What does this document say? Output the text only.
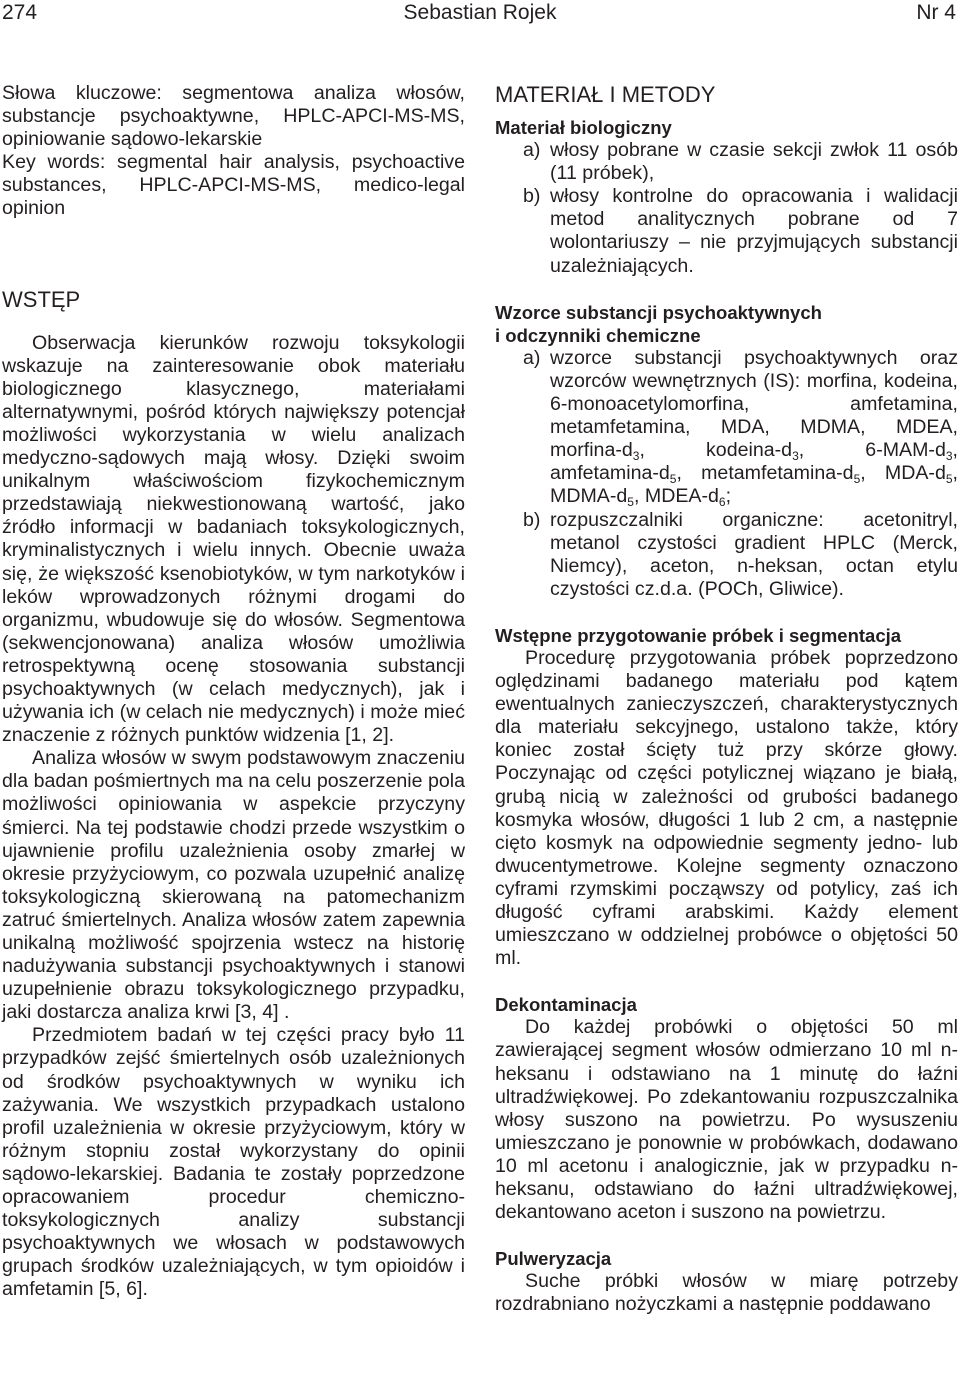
274	Sebastian Rojek	Nr 4

Słowa kluczowe: segmentowa analiza włosów, substancje psychoaktywne, HPLC-APCI-MS-MS, opiniowanie sądowo-lekarskie

Key words: segmental hair analysis, psychoactive substances, HPLC-APCI-MS-MS, medico-legal opinion

WSTĘP

Obserwacja kierunków rozwoju toksykologii wskazuje na zainteresowanie obok materiału biologicznego klasycznego, materiałami alternatywnymi, pośród których największy potencjał możliwości wykorzystania w wielu analizach medyczno-sądowych mają włosy. Dzięki swoim unikalnym właściwościom fizykochemicznym przedstawiają niekwestionowaną wartość, jako źródło informacji w badaniach toksykologicznych, kryminalistycznych i wielu innych. Obecnie uważa się, że większość ksenobiotyków, w tym narkotyków i leków wprowadzonych różnymi drogami do organizmu, wbudowuje się do włosów. Segmentowa (sekwencjonowana) analiza włosów umożliwia retrospektywną ocenę stosowania substancji psychoaktywnych (w celach medycznych), jak i używania ich (w celach nie medycznych) i może mieć znaczenie z różnych punktów widzenia [1, 2].

Analiza włosów w swym podstawowym znaczeniu dla badan pośmiertnych ma na celu poszerzenie pola możliwości opiniowania w aspekcie przyczyny śmierci. Na tej podstawie chodzi przede wszystkim o ujawnienie profilu uzależnienia osoby zmarłej w okresie przyżyciowym, co pozwala uzupełnić analizę toksykologiczną skierowaną na patomechanizm zatruć śmiertelnych. Analiza włosów zatem zapewnia unikalną możliwość spojrzenia wstecz na historię nadużywania substancji psychoaktywnych i stanowi uzupełnienie obrazu toksykologicznego przypadku, jaki dostarcza analiza krwi [3, 4] .

Przedmiotem badań w tej części pracy było 11 przypadków zejść śmiertelnych osób uzależnionych od środków psychoaktywnych w wyniku ich zażywania. We wszystkich przypadkach ustalono profil uzależnienia w okresie przyżyciowym, który w różnym stopniu został wykorzystany do opinii sądowo-lekarskiej. Badania te zostały poprzedzone opracowaniem procedur chemiczno-toksykologicznych analizy substancji psychoaktywnych we włosach w podstawowych grupach środków uzależniających, w tym opioidów i amfetamin [5, 6].

MATERIAŁ I METODY
Materiał biologiczny
a) włosy pobrane w czasie sekcji zwłok 11 osób (11 próbek),
b) włosy kontrolne do opracowania i walidacji metod analitycznych pobrane od 7 wolontariuszy – nie przyjmujących substancji uzależniających.
Wzorce substancji psychoaktywnych
i odczynniki chemiczne
a) wzorce substancji psychoaktywnych oraz wzorców wewnętrznych (IS): morfina, kodeina, 6-monoacetylomorfina, amfetamina, metamfetamina, MDA, MDMA, MDEA, morfina-$d_3$, kodeina-$d_3$, $6-MAM-d_3$, amfetamina-$d_5$, metamfetamina-$d_5$, MDA-$d_5$, MDMA-$d_5$, MDEA-$d_6$;
b) rozpuszczalniki organiczne: acetonitryl, metanol czystości gradient HPLC (Merck, Niemcy), aceton, n-heksan, octan etylu czystości cz.d.a. (POCh, Gliwice).
Wstępne przygotowanie próbek i segmentacja

Procedurę przygotowania próbek poprzedzono oględzinami badanego materiału pod kątem ewentualnych zanieczyszczeń, charakterystycznych dla materiału sekcyjnego, ustalono także, który koniec został ścięty tuż przy skórze głowy. Poczynając od części potylicznej wiązano je białą, grubą nicią w zależności od grubości badanego kosmyka włosów, długości 1 lub 2 cm, a następnie cięto kosmyk na odpowiednie segmenty jedno- lub dwucentymetrowe. Kolejne segmenty oznaczono cyframi rzymskimi począwszy od potylicy, zaś ich długość cyframi arabskimi. Każdy element umieszczano w oddzielnej probówce o objętości 50 ml.

Dekontaminacja

Do każdej probówki o objętości 50 ml zawierającej segment włosów odmierzano 10 ml n-heksanu i odstawiano na 1 minutę do łaźni ultradźwiękowej. Po zdekantowaniu rozpuszczalnika włosy suszono na powietrzu. Po wysuszeniu umieszczano je ponownie w probówkach, dodawano 10 ml acetonu i analogicznie, jak w przypadku n-heksanu, odstawiano do łaźni ultradźwiękowej, dekantowano aceton i suszono na powietrzu.

Pulweryzacja

Suche próbki włosów w miarę potrzeby rozdrabniano nożyczkami a następnie poddawano
